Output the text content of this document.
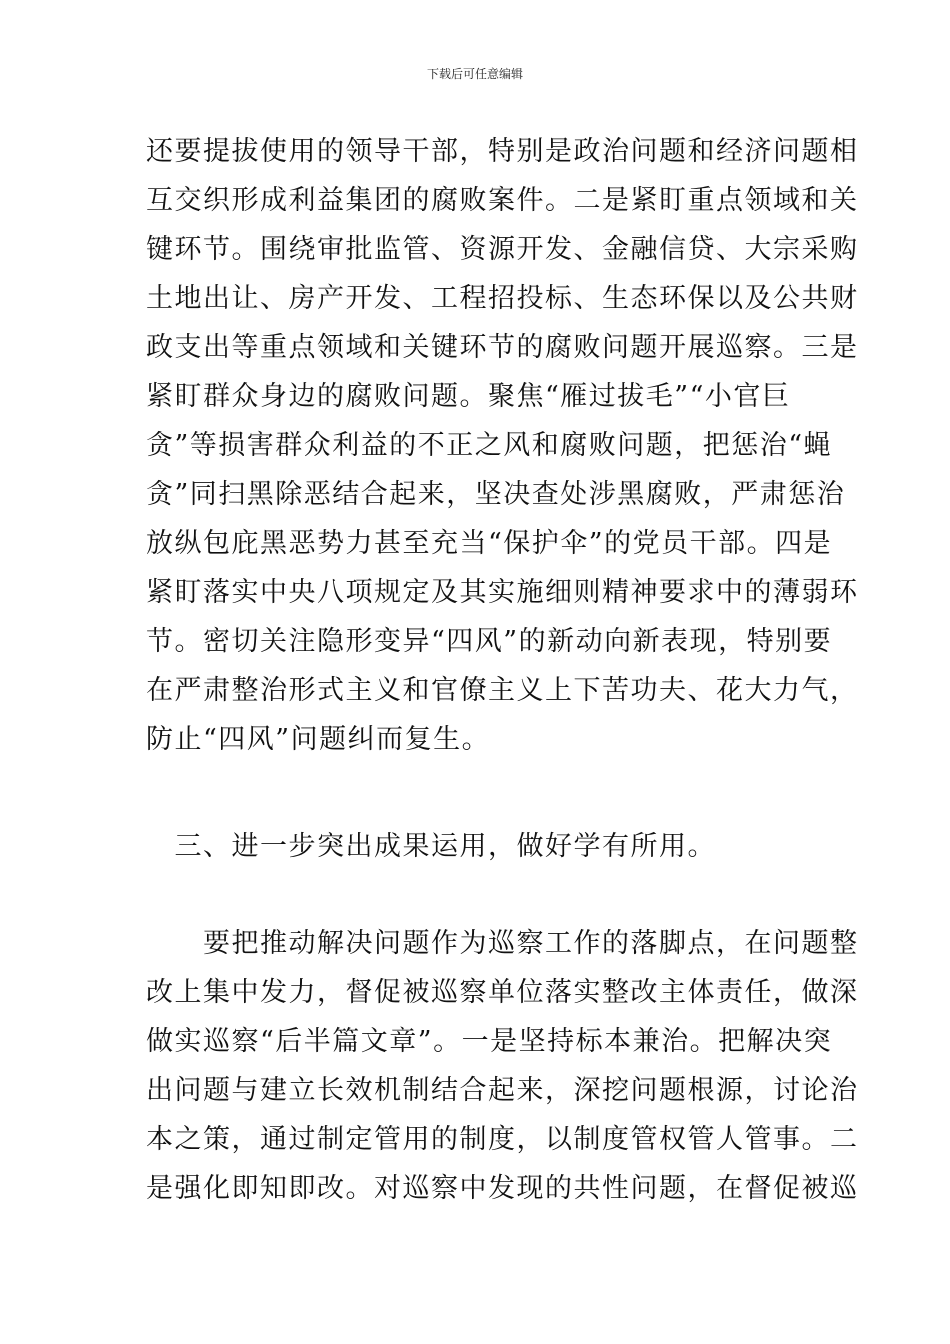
下载后可任意编辑
还要提拔使用的领导干部，特别是政治问题和经济问题相
互交织形成利益集团的腐败案件。二是紧盯重点领域和关
键环节。围绕审批监管、资源开发、金融信贷、大宗采购
土地出让、房产开发、工程招投标、生态环保以及公共财
政支出等重点领域和关键环节的腐败问题开展巡察。三是
紧盯群众身边的腐败问题。聚焦“雁过拔毛”“小官巨
贪”等损害群众利益的不正之风和腐败问题，把惩治“蝇
贪”同扫黑除恶结合起来，坚决查处涉黑腐败，严肃惩治
放纵包庇黑恶势力甚至充当“保护伞”的党员干部。四是
紧盯落实中央八项规定及其实施细则精神要求中的薄弱环
节。密切关注隐形变异“四风”的新动向新表现，特别要
在严肃整治形式主义和官僚主义上下苦功夫、花大力气，
防止“四风”问题纠而复生。
　三、进一步突出成果运用，做好学有所用。
　　要把推动解决问题作为巡察工作的落脚点，在问题整
改上集中发力，督促被巡察单位落实整改主体责任，做深
做实巡察“后半篇文章”。一是坚持标本兼治。把解决突
出问题与建立长效机制结合起来，深挖问题根源，讨论治
本之策，通过制定管用的制度，以制度管权管人管事。二
是强化即知即改。对巡察中发现的共性问题，在督促被巡
